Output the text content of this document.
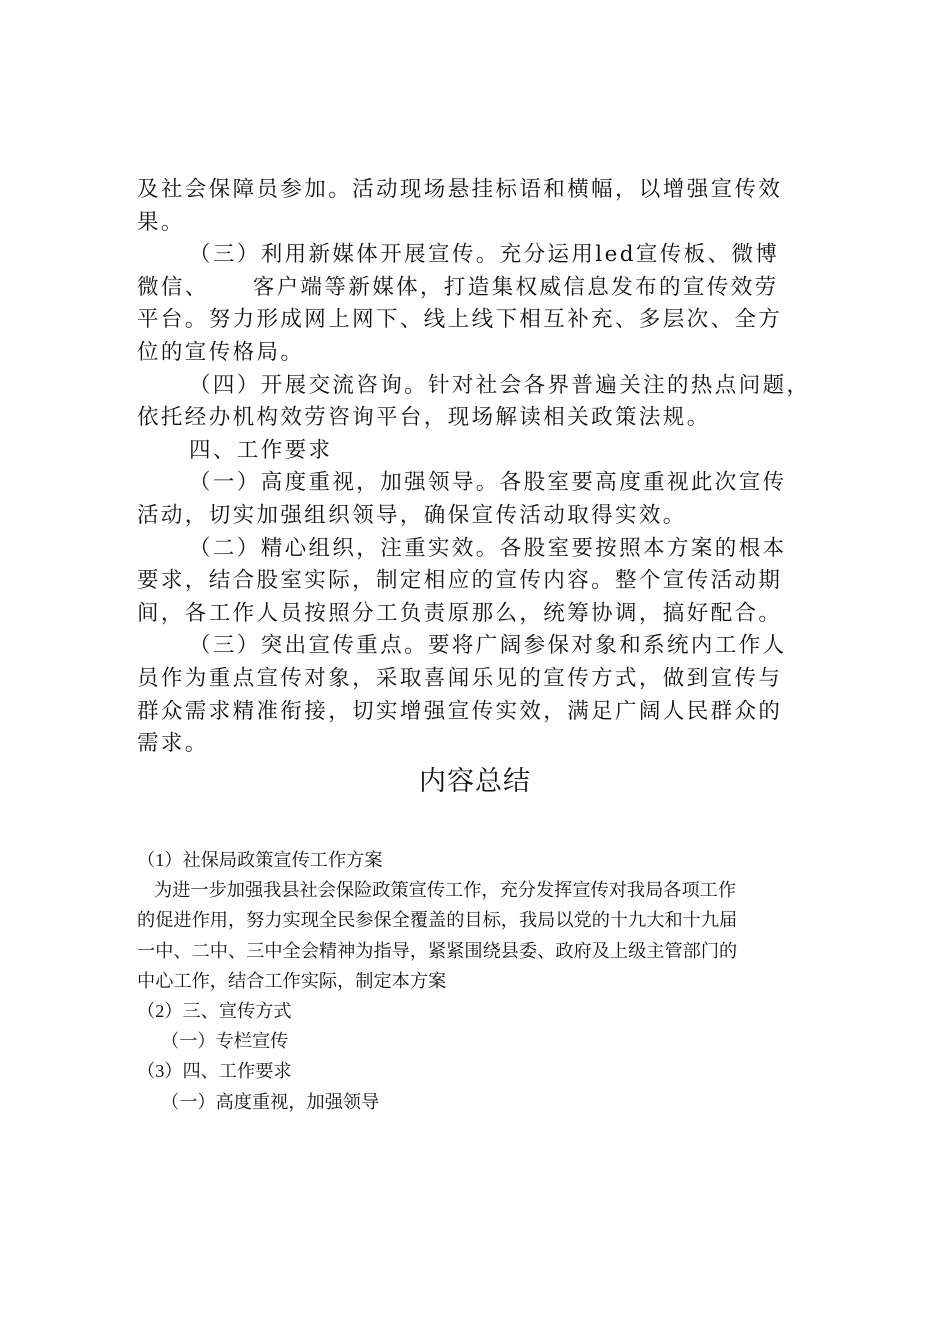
及社会保障员参加。活动现场悬挂标语和横幅，以增强宣传效
果。
（三）利用新媒体开展宣传。充分运用led宣传板、微博
微信、 客户端等新媒体，打造集权威信息发布的宣传效劳
平台。努力形成网上网下、线上线下相互补充、多层次、全方
位的宣传格局。
（四）开展交流咨询。针对社会各界普遍关注的热点问题，
依托经办机构效劳咨询平台，现场解读相关政策法规。
四、工作要求
（一）高度重视，加强领导。各股室要高度重视此次宣传
活动，切实加强组织领导，确保宣传活动取得实效。
（二）精心组织，注重实效。各股室要按照本方案的根本
要求，结合股室实际，制定相应的宣传内容。整个宣传活动期
间，各工作人员按照分工负责原那么，统筹协调，搞好配合。
（三）突出宣传重点。要将广阔参保对象和系统内工作人
员作为重点宣传对象，采取喜闻乐见的宣传方式，做到宣传与
群众需求精准衔接，切实增强宣传实效，满足广阔人民群众的
需求。
内容总结
（1）社保局政策宣传工作方案
为进一步加强我县社会保险政策宣传工作，充分发挥宣传对我局各项工作
的促进作用，努力实现全民参保全覆盖的目标，我局以党的十九大和十九届
一中、二中、三中全会精神为指导，紧紧围绕县委、政府及上级主管部门的
中心工作，结合工作实际，制定本方案
（2）三、宣传方式
（一）专栏宣传
（3）四、工作要求
（一）高度重视，加强领导
